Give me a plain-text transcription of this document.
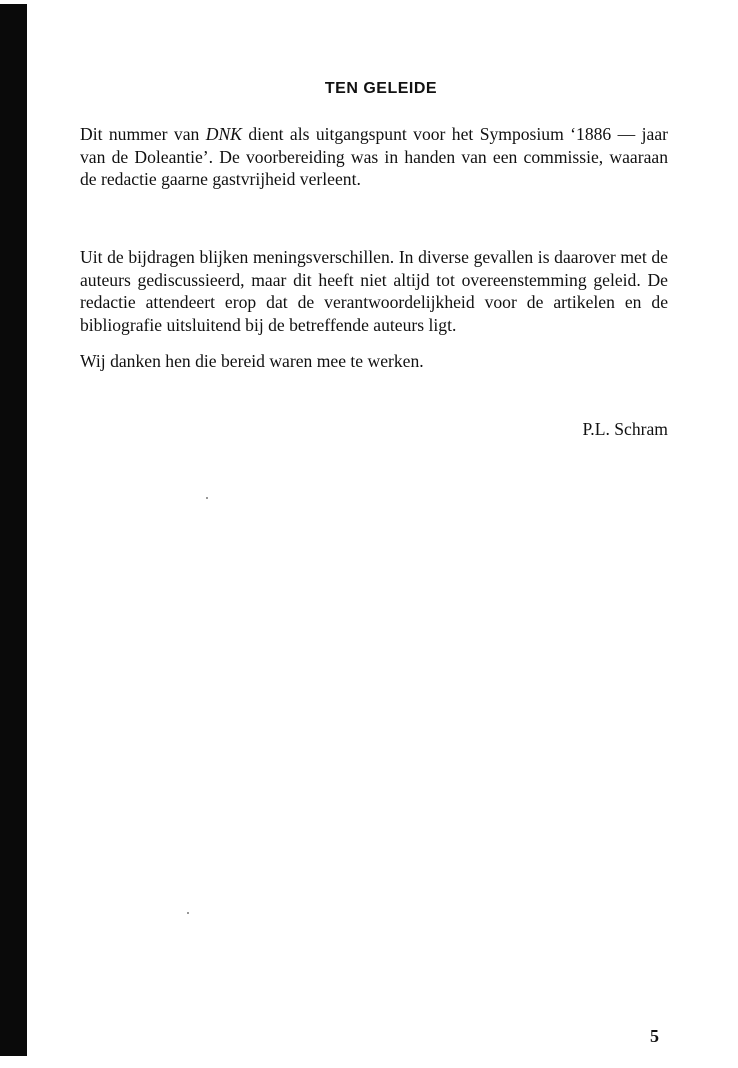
TEN GELEIDE

Dit nummer van DNK dient als uitgangspunt voor het Symposium ‘1886 — jaar van de Doleantie’. De voorbereiding was in handen van een commissie, waaraan de redactie gaarne gastvrijheid verleent.

Uit de bijdragen blijken meningsverschillen. In diverse gevallen is daarover met de auteurs gediscussieerd, maar dit heeft niet altijd tot overeenstemming geleid. De redactie attendeert erop dat de verantwoordelijkheid voor de artikelen en de bibliografie uitsluitend bij de betreffende auteurs ligt.

Wij danken hen die bereid waren mee te werken.

P.L. Schram
5
